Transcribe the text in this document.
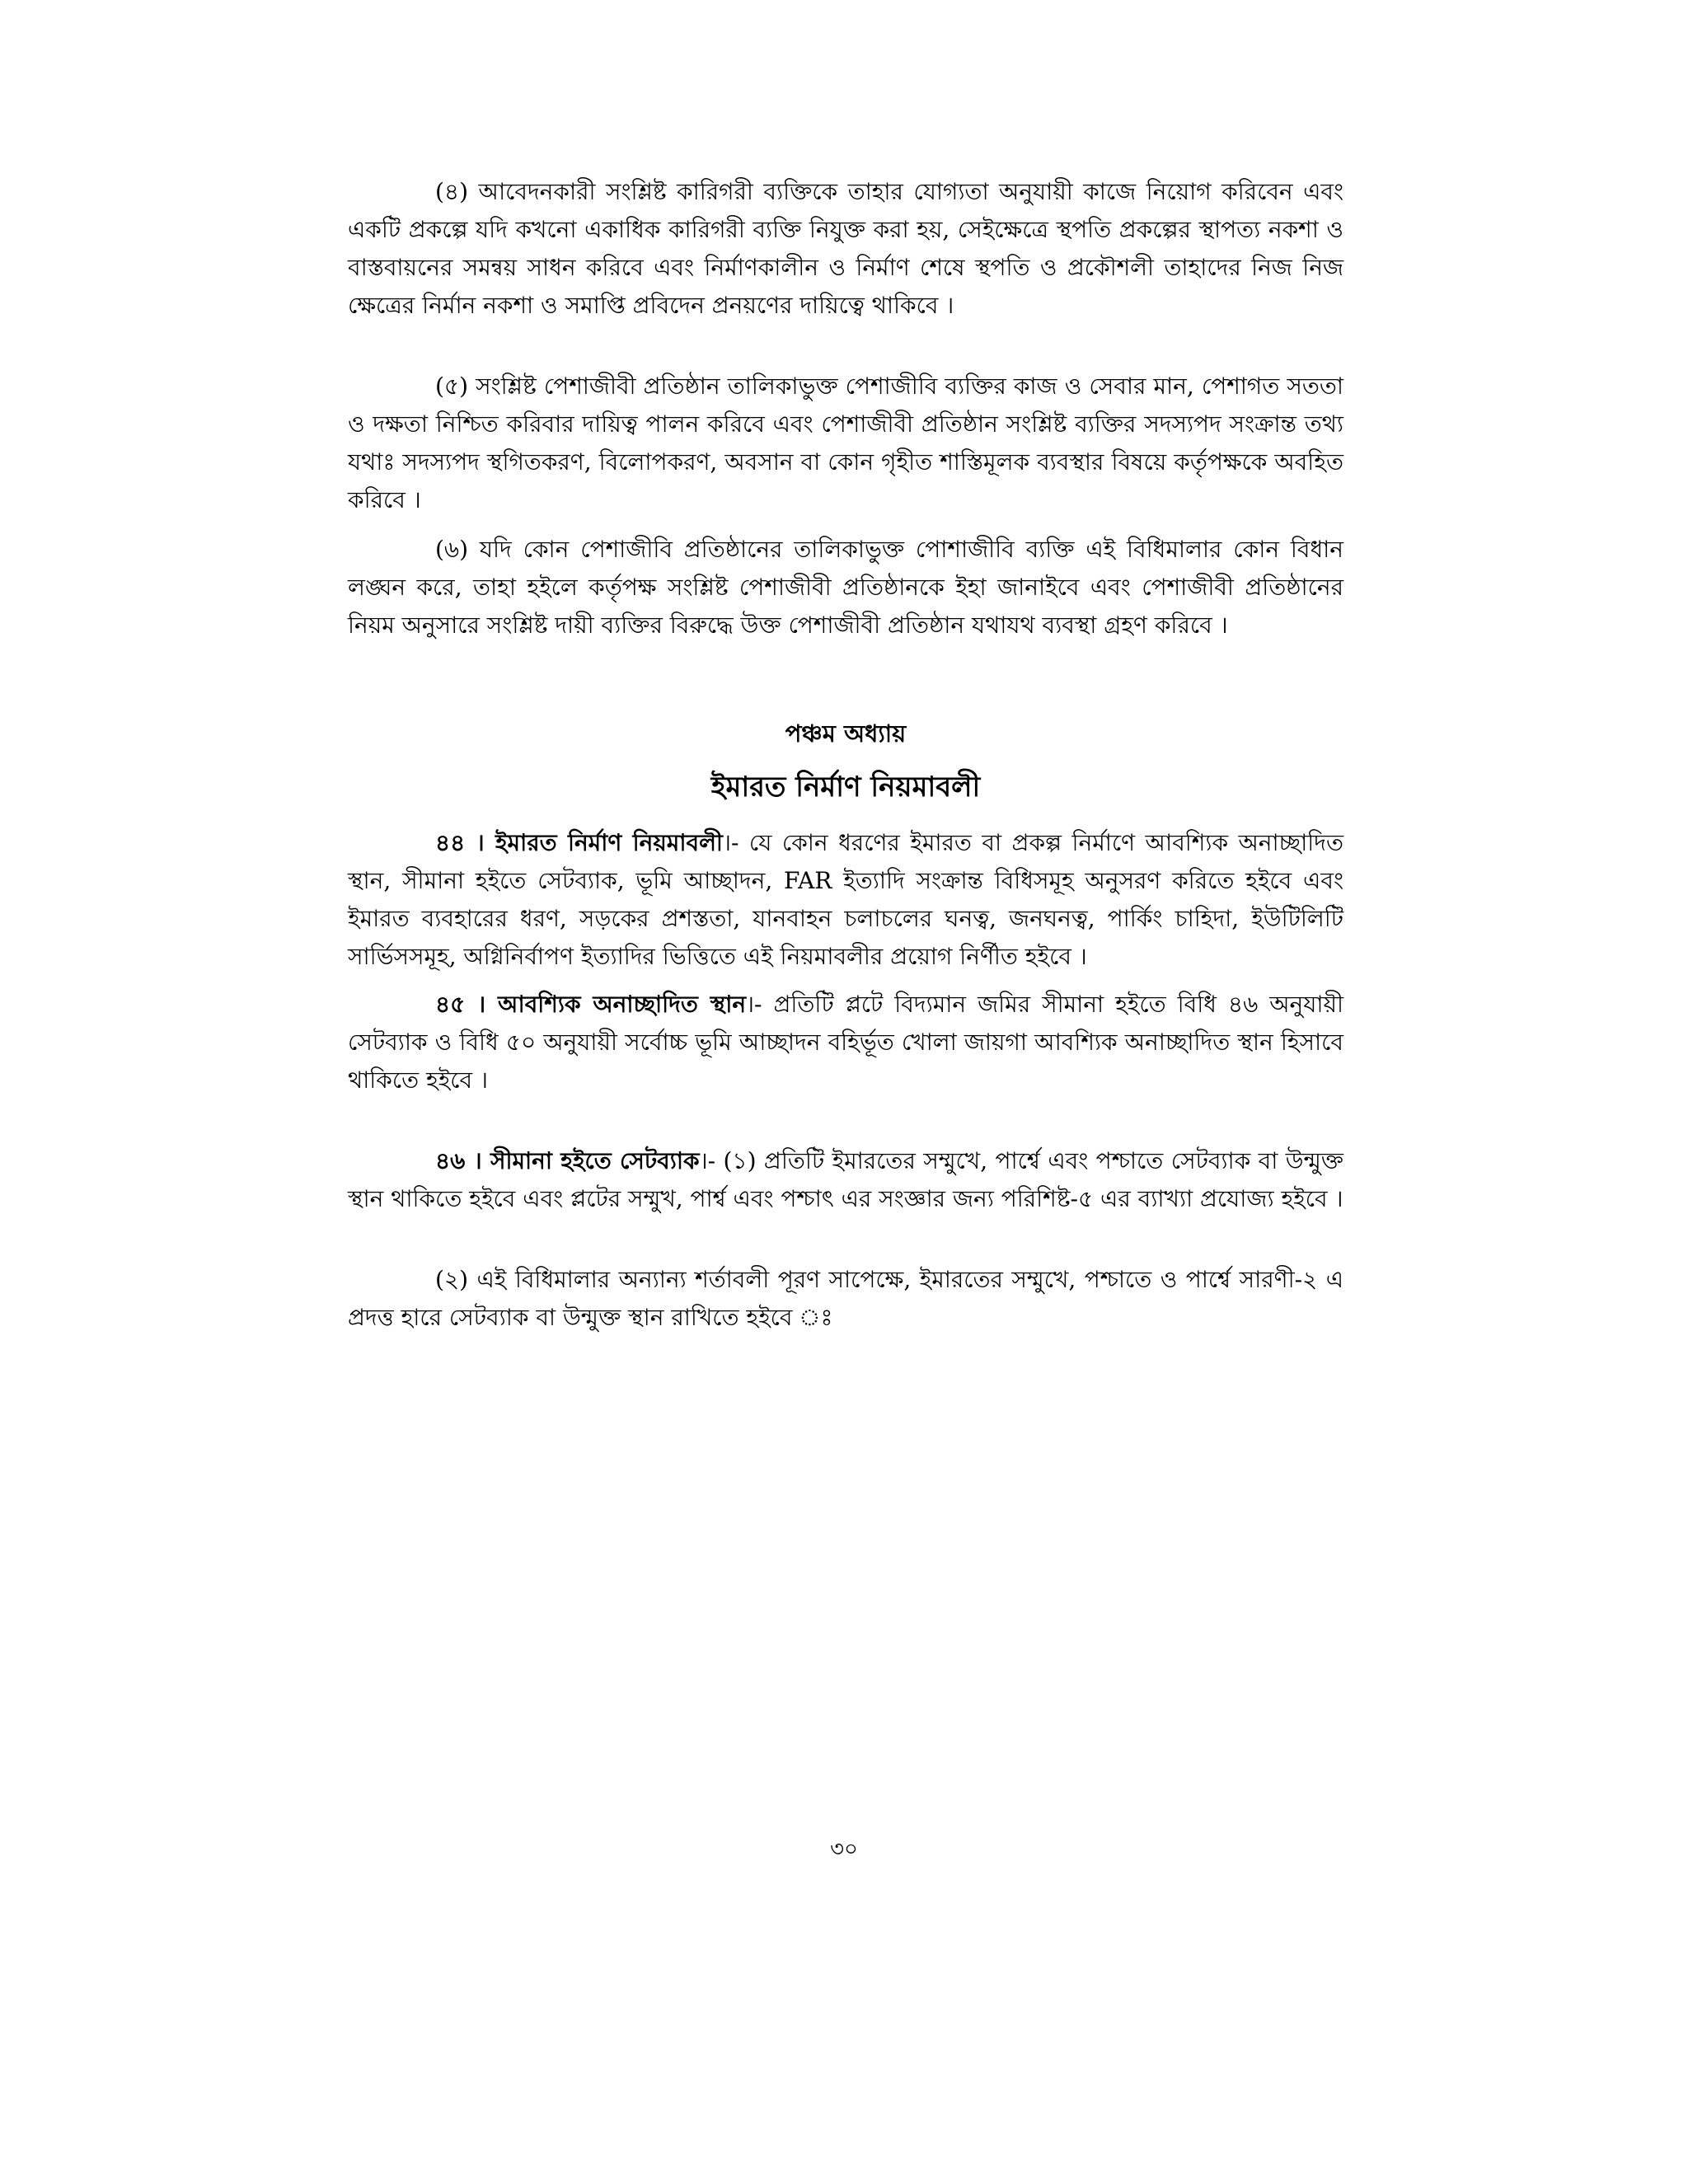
(৪) আবেদনকারী সংশ্লিষ্ট কারিগরী ব্যক্তিকে তাহার যোগ্যতা অনুযায়ী কাজে নিয়োগ করিবেন এবং একটি প্রকল্পে যদি কখনো একাধিক কারিগরী ব্যক্তি নিযুক্ত করা হয়, সেইক্ষেত্রে স্থপতি প্রকল্পের স্থাপত্য নকশা ও বাস্তবায়নের সমন্বয় সাধন করিবে এবং নির্মাণকালীন ও নির্মাণ শেষে স্থপতি ও প্রকৌশলী তাহাদের নিজ নিজ ক্ষেত্রের নির্মান নকশা ও সমাপ্তি প্রবিদেন প্রনয়ণের দায়িত্বে থাকিবে ।

(৫) সংশ্লিষ্ট পেশাজীবী প্রতিষ্ঠান তালিকাভুক্ত পেশাজীবি ব্যক্তির কাজ ও সেবার মান, পেশাগত সততা ও দক্ষতা নিশ্চিত করিবার দায়িত্ব পালন করিবে এবং পেশাজীবী প্রতিষ্ঠান সংশ্লিষ্ট ব্যক্তির সদস্যপদ সংক্রান্ত তথ্য যথাঃ সদস্যপদ স্থগিতকরণ, বিলোপকরণ, অবসান বা কোন গৃহীত শাস্তিমূলক ব্যবস্থার বিষয়ে কর্তৃপক্ষকে অবহিত করিবে ।

(৬) যদি কোন পেশাজীবি প্রতিষ্ঠানের তালিকাভুক্ত পোশাজীবি ব্যক্তি এই বিধিমালার কোন বিধান লঙ্ঘন করে, তাহা হইলে কর্তৃপক্ষ সংশ্লিষ্ট পেশাজীবী প্রতিষ্ঠানকে ইহা জানাইবে এবং পেশাজীবী প্রতিষ্ঠানের নিয়ম অনুসারে সংশ্লিষ্ট দায়ী ব্যক্তির বিরুদ্ধে উক্ত পেশাজীবী প্রতিষ্ঠান যথাযথ ব্যবস্থা গ্রহণ করিবে ।

পঞ্চম অধ্যায়

ইমারত নির্মাণ নিয়মাবলী

৪৪ । ইমারত নির্মাণ নিয়মাবলী।- যে কোন ধরণের ইমারত বা প্রকল্প নির্মাণে আবশ্যিক অনাচ্ছাদিত স্থান, সীমানা হইতে সেটব্যাক, ভূমি আচ্ছাদন, FAR ইত্যাদি সংক্রান্ত বিধিসমূহ অনুসরণ করিতে হইবে এবং ইমারত ব্যবহারের ধরণ, সড়কের প্রশস্ততা, যানবাহন চলাচলের ঘনত্ব, জনঘনত্ব, পার্কিং চাহিদা, ইউটিলিটি সার্ভিসসমূহ, অগ্নিনির্বাপণ ইত্যাদির ভিত্তিতে এই নিয়মাবলীর প্রয়োগ নির্ণীত হইবে ।

৪৫ । আবশ্যিক অনাচ্ছাদিত স্থান।- প্রতিটি প্লটে বিদ্যমান জমির সীমানা হইতে বিধি ৪৬ অনুযায়ী সেটব্যাক ও বিধি ৫০ অনুযায়ী সর্বোচ্চ ভূমি আচ্ছাদন বহির্ভূত খোলা জায়গা আবশ্যিক অনাচ্ছাদিত স্থান হিসাবে থাকিতে হইবে ।

৪৬ । সীমানা হইতে সেটব্যাক।- (১) প্রতিটি ইমারতের সম্মুখে, পার্শ্বে এবং পশ্চাতে সেটব্যাক বা উন্মুক্ত স্থান থাকিতে হইবে এবং প্লটের সম্মুখ, পার্শ্ব এবং পশ্চাৎ এর সংজ্ঞার জন্য পরিশিষ্ট-৫ এর ব্যাখ্যা প্রযোজ্য হইবে ।

(২) এই বিধিমালার অন্যান্য শর্তাবলী পূরণ সাপেক্ষে, ইমারতের সম্মুখে, পশ্চাতে ও পার্শ্বে সারণী-২ এ প্রদত্ত হারে সেটব্যাক বা উন্মুক্ত স্থান রাখিতে হইবে ঃ

৩০
